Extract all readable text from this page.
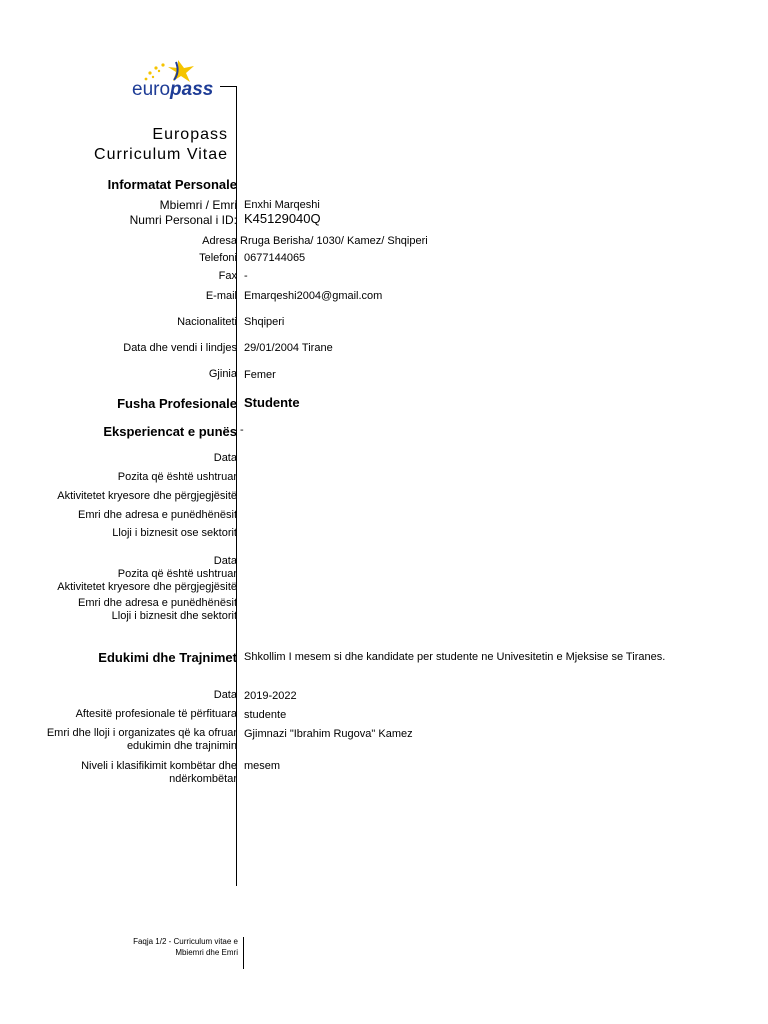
europass
Europass
Curriculum Vitae
Informatat Personale
Mbiemri / Emri Enxhi Marqeshi
Numri Personal i ID: K45129040Q
Adresa Rruga Berisha/ 1030/ Kamez/ Shqiperi
Telefoni 0677144065
Fax -
E-mail Emarqeshi2004@gmail.com
Nacionaliteti Shqiperi
Data dhe vendi i lindjes 29/01/2004 Tirane
Gjinia Femer
Fusha Profesionale Studente
Eksperiencat e punës -
Data
Pozita që është ushtruar
Aktivitetet kryesore dhe përgjegjësitë
Emri dhe adresa e punëdhënësit
Lloji i biznesit ose sektorit
Data
Pozita që është ushtruar
Aktivitetet kryesore dhe përgjegjësitë
Emri dhe adresa e punëdhënësit
Lloji i biznesit dhe sektorit
Edukimi dhe Trajnimet Shkollim I mesem si dhe kandidate per studente ne Univesitetin e Mjeksise se Tiranes.
Data 2019-2022
Aftesitë profesionale të përfituara studente
Emri dhe lloji i organizates që ka ofruar edukimin dhe trajnimin
Gjimnazi "Ibrahim Rugova" Kamez
Niveli i klasifikimit kombëtar dhe ndërkombëtar
mesem
Faqja 1/2 - Curriculum vitae e
Mbiemri dhe Emri
